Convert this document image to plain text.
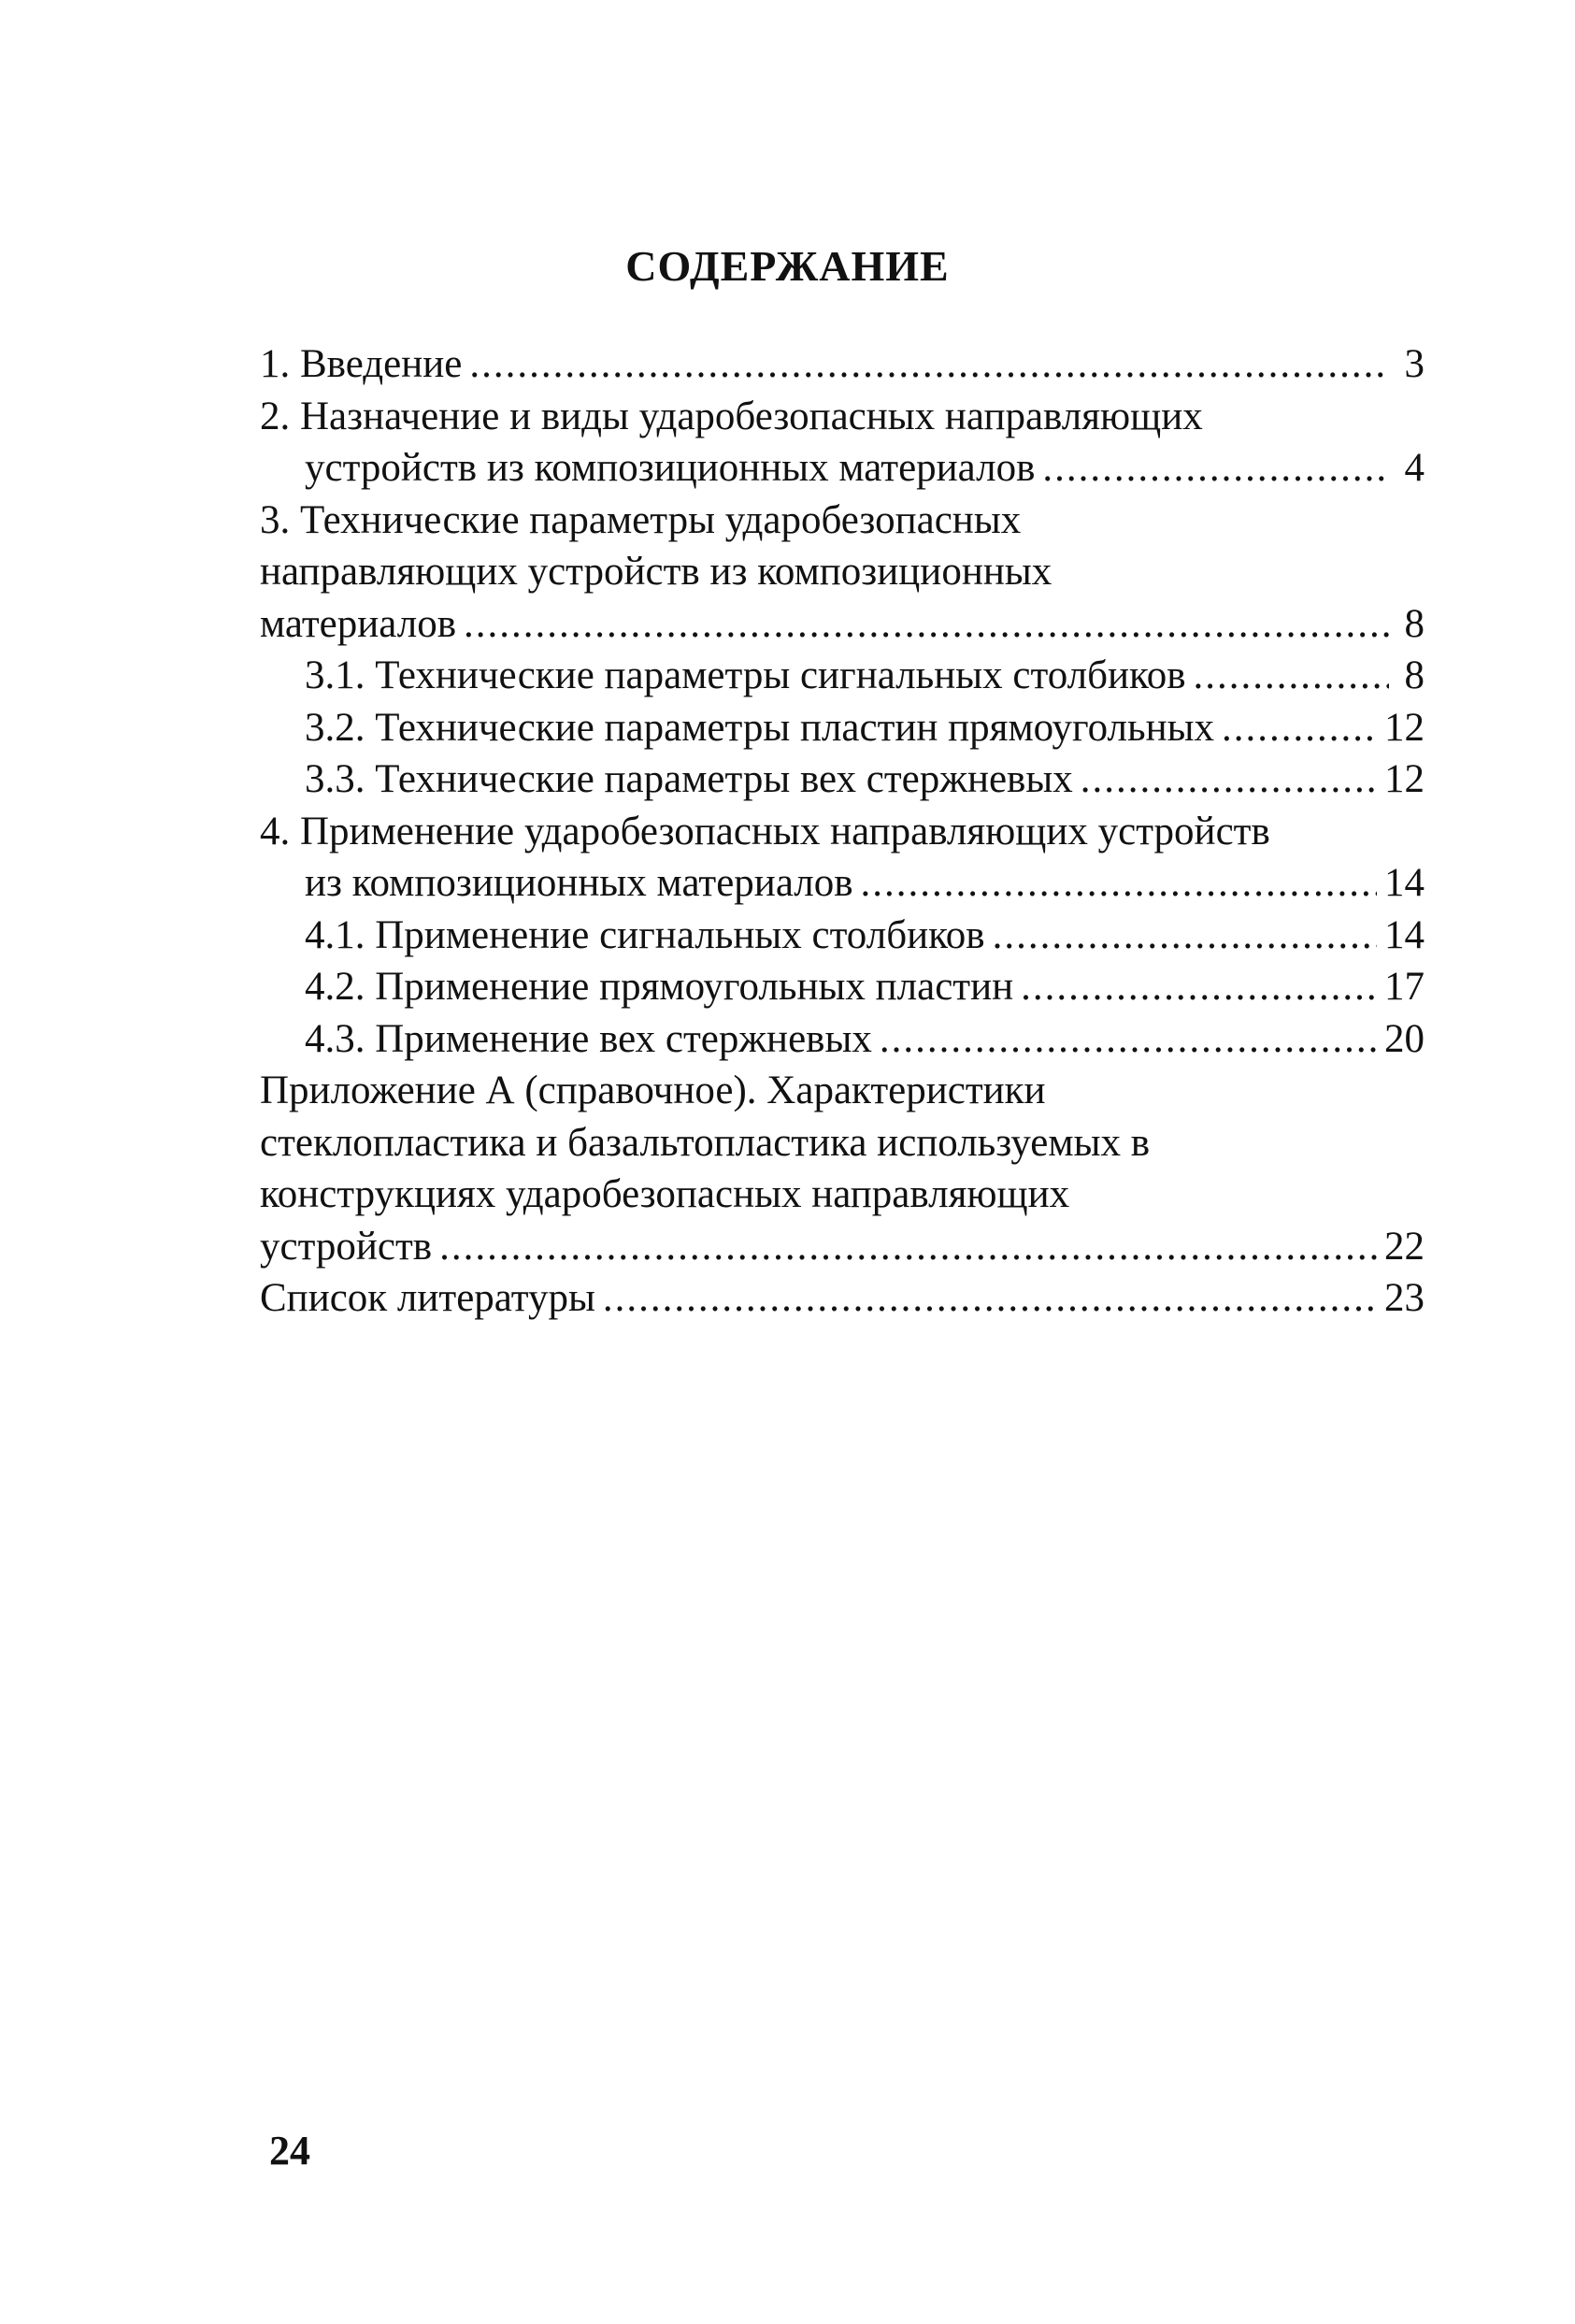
СОДЕРЖАНИЕ
1. Введение .....	3
2. Назначение и виды ударобезопасных направляющих
устройств из композиционных материалов .....	4
3. Технические параметры ударобезопасных
направляющих устройств из композиционных
материалов .....	8
3.1. Технические параметры сигнальных столбиков .....	8
3.2. Технические параметры пластин прямоугольных .....	12
3.3. Технические параметры вех стержневых .....	12
4. Применение ударобезопасных направляющих устройств
из композиционных материалов .....	14
4.1. Применение сигнальных столбиков .....	14
4.2. Применение прямоугольных пластин .....	17
4.3. Применение вех стержневых .....	20
Приложение А (справочное). Характеристики
стеклопластика и базальтопластика используемых в
конструкциях ударобезопасных направляющих
устройств .....	22
Список литературы .....	23
24
